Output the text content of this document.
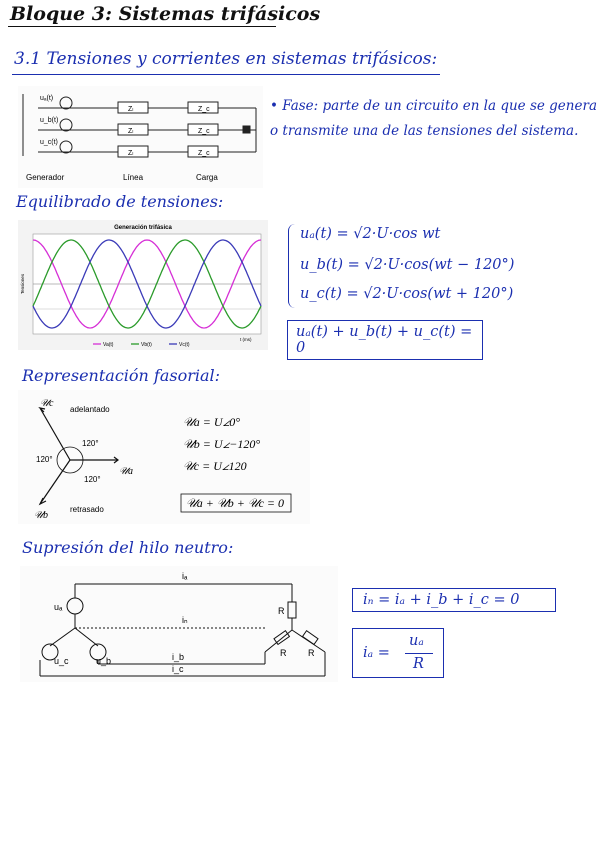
Bloque 3: Sistemas trifásicos
3.1 Tensiones y corrientes en sistemas trifásicos:
uₐ(t)
u_b(t)
u_c(t)
Zₗ
Zₗ
Zₗ
Z_c
Z_c
Z_c
Generador	Línea	Carga
• Fase: parte de un circuito en la que se genera o transmite una de las tensiones del sistema.
Equilibrado de tensiones:
Generación trifásica
Tensiones
t (ms)
Va(t)	Vb(t)	Vc(t)
uₐ(t) = √2·U·cos wt
u_b(t) = √2·U·cos(wt − 120°)
u_c(t) = √2·U·cos(wt + 120°)
uₐ(t) + u_b(t) + u_c(t) = 0
Representación fasorial:
𝒰c
adelantado
𝒰a
𝒰b
retrasado
120°
120°
120°
𝒰a = U∠0°
𝒰b = U∠−120°
𝒰c = U∠120
𝒰a + 𝒰b + 𝒰c = 0
Supresión del hilo neutro:
iₐ
iₙ
i_b
i_c
uₐ
u_c	u_b
R
R R
iₙ = iₐ + i_b + i_c = 0
iₐ =
uₐ
R
